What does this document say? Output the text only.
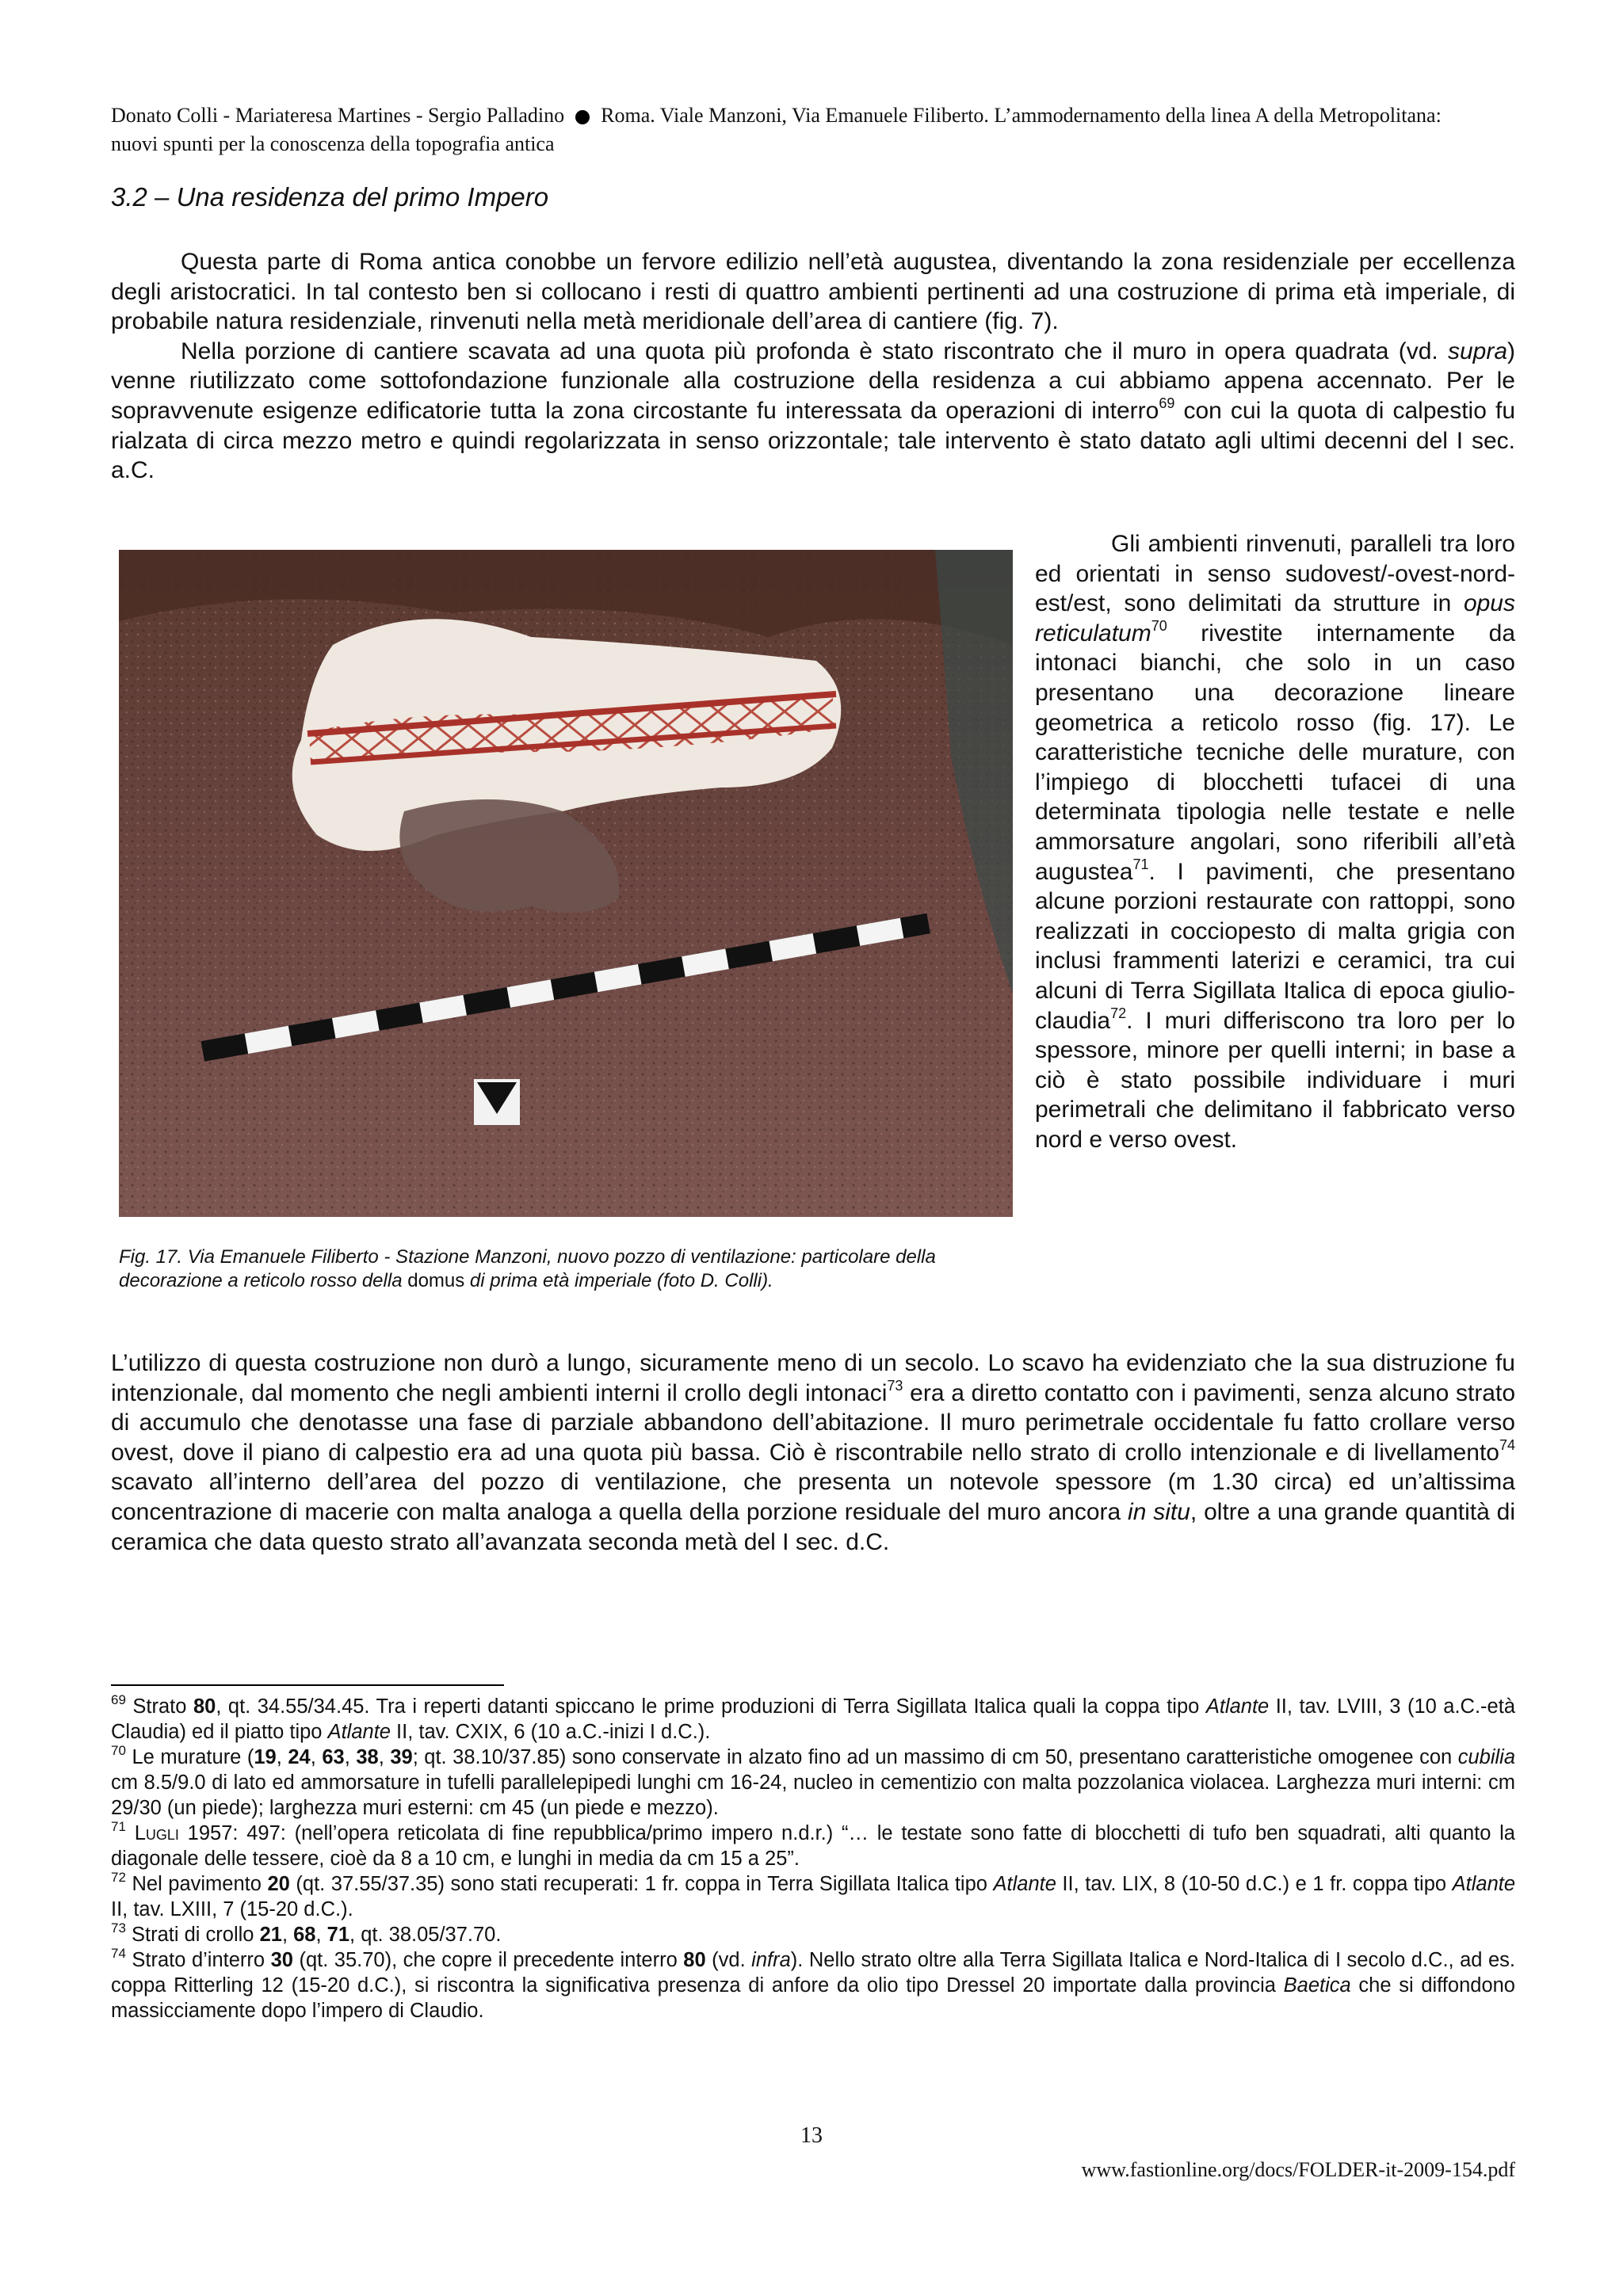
Donato Colli - Mariateresa Martines - Sergio Palladino Roma. Viale Manzoni, Via Emanuele Filiberto. L’ammodernamento della linea A della Metropolitana:
nuovi spunti per la conoscenza della topografia antica
3.2 – Una residenza del primo Impero

Questa parte di Roma antica conobbe un fervore edilizio nell’età augustea, diventando la zona residenziale per eccellenza degli aristocratici. In tal contesto ben si collocano i resti di quattro ambienti pertinenti ad una costruzione di prima età imperiale, di probabile natura residenziale, rinvenuti nella metà meridionale dell’area di cantiere (fig. 7).

Nella porzione di cantiere scavata ad una quota più profonda è stato riscontrato che il muro in opera quadrata (vd. supra) venne riutilizzato come sottofondazione funzionale alla costruzione della residenza a cui abbiamo appena accennato. Per le sopravvenute esigenze edificatorie tutta la zona circostante fu interessata da operazioni di interro$^{69}$ con cui la quota di calpestio fu rialzata di circa mezzo metro e quindi regolarizzata in senso orizzontale; tale intervento è stato datato agli ultimi decenni del I sec. a.C.

Gli ambienti rinvenuti, paralleli tra loro ed orientati in senso sudovest/-ovest-nord-est/est, sono delimitati da strutture in opus reticulatum$^{70}$ rivestite internamente da intonaci bianchi, che solo in un caso presentano una decorazione lineare geometrica a reticolo rosso (fig. 17). Le caratteristiche tecniche delle murature, con l’impiego di blocchetti tufacei di una determinata tipologia nelle testate e nelle ammorsature angolari, sono riferibili all’età augustea$^{71}$. I pavimenti, che presentano alcune porzioni restaurate con rattoppi, sono realizzati in cocciopesto di malta grigia con inclusi frammenti laterizi e ceramici, tra cui alcuni di Terra Sigillata Italica di epoca giulio-claudia$^{72}$. I muri differiscono tra loro per lo spessore, minore per quelli interni; in base a ciò è stato possibile individuare i muri perimetrali che delimitano il fabbricato verso nord e verso ovest.

Fig. 17. Via Emanuele Filiberto - Stazione Manzoni, nuovo pozzo di ventilazione: particolare della decorazione a reticolo rosso della domus di prima età imperiale (foto D. Colli).

L’utilizzo di questa costruzione non durò a lungo, sicuramente meno di un secolo. Lo scavo ha evidenziato che la sua distruzione fu intenzionale, dal momento che negli ambienti interni il crollo degli intonaci$^{73}$ era a diretto contatto con i pavimenti, senza alcuno strato di accumulo che denotasse una fase di parziale abbandono dell’abitazione. Il muro perimetrale occidentale fu fatto crollare verso ovest, dove il piano di calpestio era ad una quota più bassa. Ciò è riscontrabile nello strato di crollo intenzionale e di livellamento$^{74}$ scavato all’interno dell’area del pozzo di ventilazione, che presenta un notevole spessore (m 1.30 circa) ed un’altissima concentrazione di macerie con malta analoga a quella della porzione residuale del muro ancora in situ, oltre a una grande quantità di ceramica che data questo strato all’avanzata seconda metà del I sec. d.C.

$^{69}$ Strato 80, qt. 34.55/34.45. Tra i reperti datanti spiccano le prime produzioni di Terra Sigillata Italica quali la coppa tipo Atlante II, tav. LVIII, 3 (10 a.C.-età Claudia) ed il piatto tipo Atlante II, tav. CXIX, 6 (10 a.C.-inizi I d.C.).

$^{70}$ Le murature (19, 24, 63, 38, 39; qt. 38.10/37.85) sono conservate in alzato fino ad un massimo di cm 50, presentano caratteristiche omogenee con cubilia cm 8.5/9.0 di lato ed ammorsature in tufelli parallelepipedi lunghi cm 16-24, nucleo in cementizio con malta pozzolanica violacea. Larghezza muri interni: cm 29/30 (un piede); larghezza muri esterni: cm 45 (un piede e mezzo).

$^{71}$ Lugli 1957: 497: (nell’opera reticolata di fine repubblica/primo impero n.d.r.) “… le testate sono fatte di blocchetti di tufo ben squadrati, alti quanto la diagonale delle tessere, cioè da 8 a 10 cm, e lunghi in media da cm 15 a 25”.

$^{72}$ Nel pavimento 20 (qt. 37.55/37.35) sono stati recuperati: 1 fr. coppa in Terra Sigillata Italica tipo Atlante II, tav. LIX, 8 (10-50 d.C.) e 1 fr. coppa tipo Atlante II, tav. LXIII, 7 (15-20 d.C.).

$^{73}$ Strati di crollo 21, 68, 71, qt. 38.05/37.70.

$^{74}$ Strato d’interro 30 (qt. 35.70), che copre il precedente interro 80 (vd. infra). Nello strato oltre alla Terra Sigillata Italica e Nord-Italica di I secolo d.C., ad es. coppa Ritterling 12 (15-20 d.C.), si riscontra la significativa presenza di anfore da olio tipo Dressel 20 importate dalla provincia Baetica che si diffondono massicciamente dopo l’impero di Claudio.

13
www.fastionline.org/docs/FOLDER-it-2009-154.pdf
